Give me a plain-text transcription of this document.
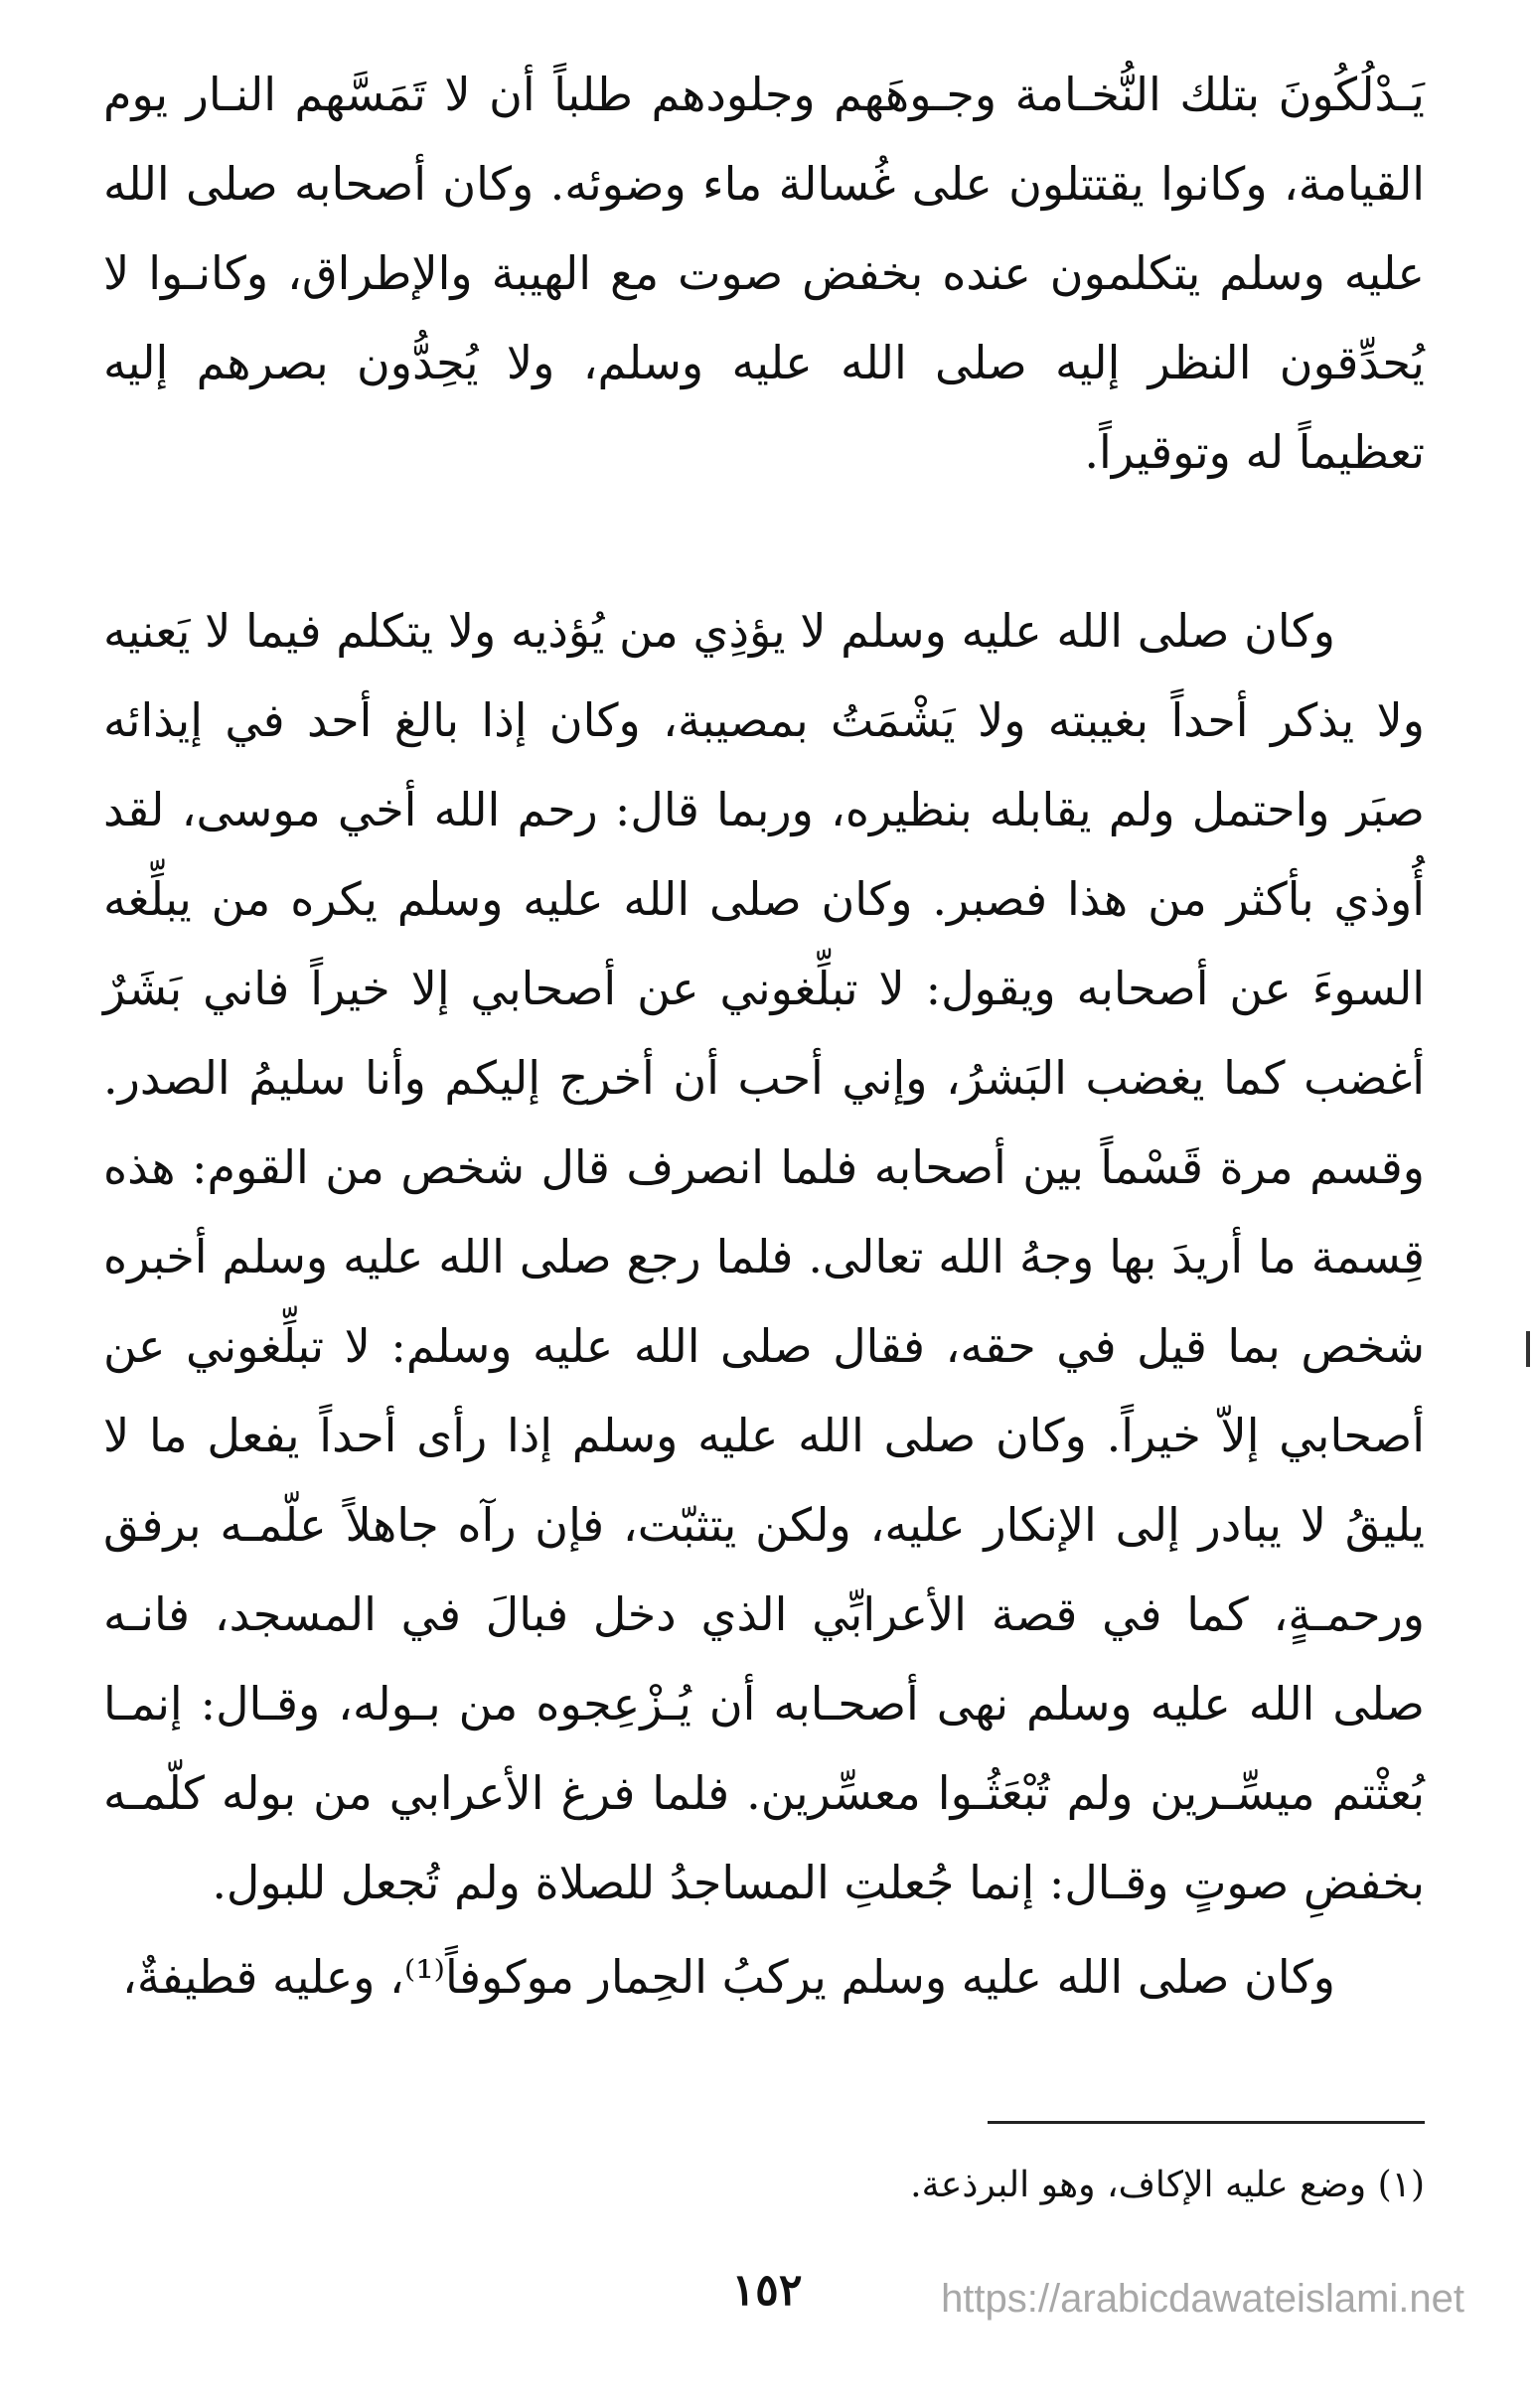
يَـدْلُكُونَ بتلك النُّخـامة وجـوهَهم وجلودهم طلباً أن لا تَمَسَّهم النـار يوم القيامة، وكانوا يقتتلون على غُسالة ماء وضوئه. وكان أصحابه صلى الله عليه وسلم يتكلمون عنده بخفض صوت مع الهيبة والإطراق، وكانـوا لا يُحدِّقون النظر إليه صلى الله عليه وسلم، ولا يُحِدُّون بصرهم إليه تعظيماً له وتوقيراً.

وكان صلى الله عليه وسلم لا يؤذِي من يُؤذيه ولا يتكلم فيما لا يَعنيه ولا يذكر أحداً بغيبته ولا يَشْمَتُ بمصيبة، وكان إذا بالغ أحد في إيذائه صبَر واحتمل ولم يقابله بنظيره، وربما قال: رحم الله أخي موسى، لقد أُوذي بأكثر من هذا فصبر. وكان صلى الله عليه وسلم يكره من يبلِّغه السوءَ عن أصحابه ويقول: لا تبلِّغوني عن أصحابي إلا خيراً فاني بَشَرٌ أغضب كما يغضب البَشرُ، وإني أحب أن أخرج إليكم وأنا سليمُ الصدر. وقسم مرة قَسْماً بين أصحابه فلما انصرف قال شخص من القوم: هذه قِسمة ما أريدَ بها وجهُ الله تعالى. فلما رجع صلى الله عليه وسلم أخبره شخص بما قيل في حقه، فقال صلى الله عليه وسلم: لا تبلِّغوني عن أصحابي إلاّ خيراً. وكان صلى الله عليه وسلم إذا رأى أحداً يفعل ما لا يليقُ لا يبادر إلى الإنكار عليه، ولكن يتثبّت، فإن رآه جاهلاً علّمـه برفق ورحمـةٍ، كما في قصة الأعرابِّي الذي دخل فبالَ في المسجد، فانـه صلى الله عليه وسلم نهى أصحـابه أن يُـزْعِجوه من بـوله، وقـال: إنمـا بُعثْتم ميسِّـرين ولم تُبْعَثُـوا معسِّرين. فلما فرغ الأعرابي من بوله كلّمـه بخفضِ صوتٍ وقـال: إنما جُعلتِ المساجدُ للصلاة ولم تُجعل للبول.

وكان صلى الله عليه وسلم يركبُ الحِمار موكوفاً⁽¹⁾، وعليه قطيفةٌ،

(١) وضع عليه الإكاف، وهو البرذعة.
١٥٢	https://arabicdawateislami.net
